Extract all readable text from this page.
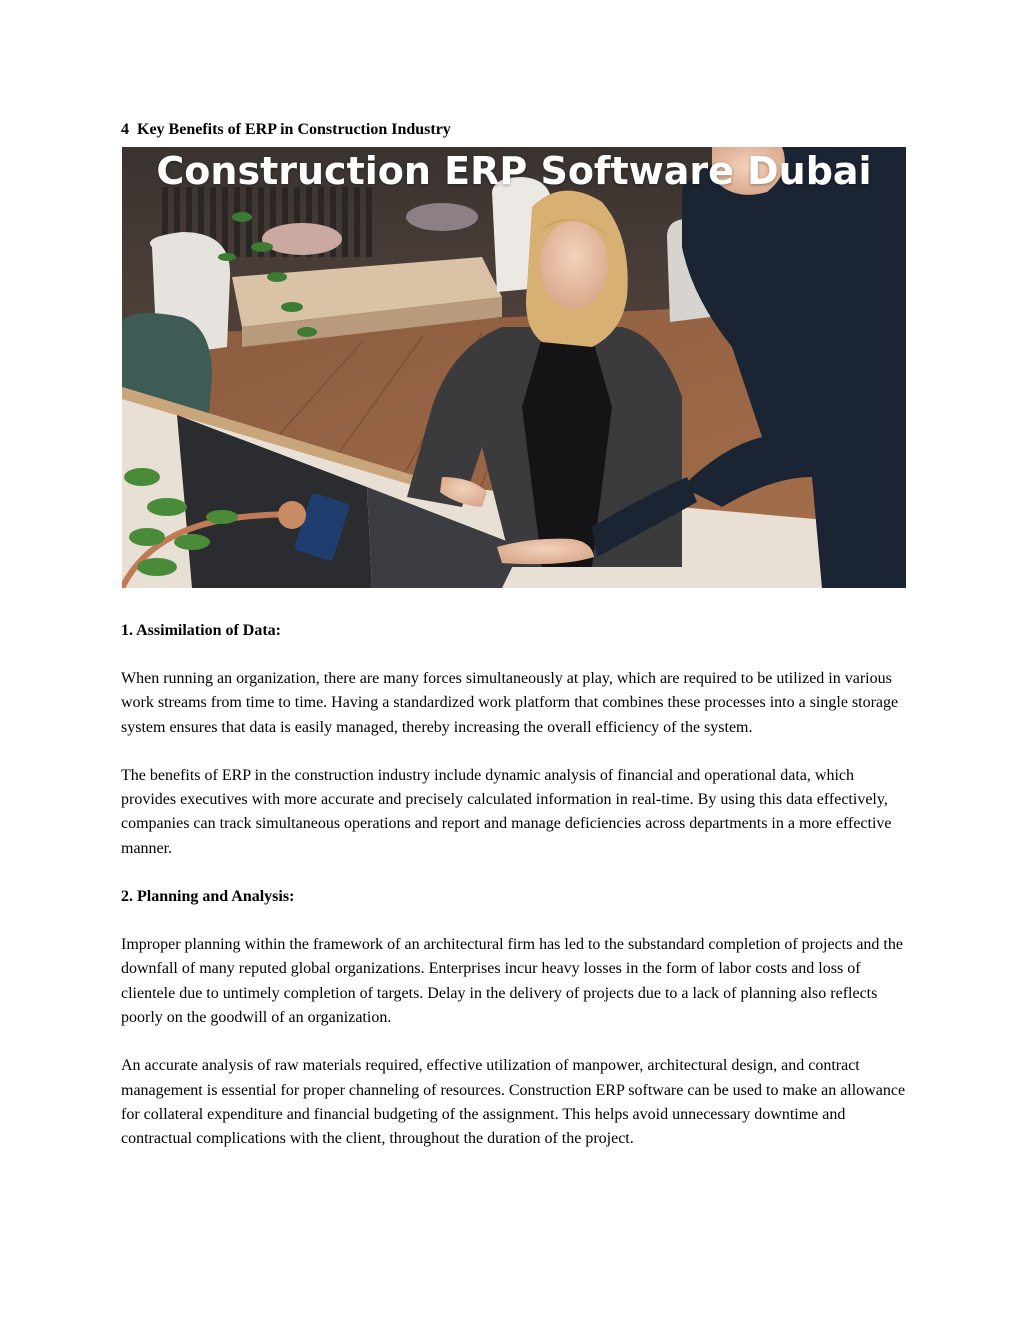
4  Key Benefits of ERP in Construction Industry
Construction ERP Software Dubai
1. Assimilation of Data:

When running an organization, there are many forces simultaneously at play, which are required to be utilized in various work streams from time to time. Having a standardized work platform that combines these processes into a single storage system ensures that data is easily managed, thereby increasing the overall efficiency of the system.

The benefits of ERP in the construction industry include dynamic analysis of financial and operational data, which provides executives with more accurate and precisely calculated information in real-time. By using this data effectively, companies can track simultaneous operations and report and manage deficiencies across departments in a more effective manner.

2. Planning and Analysis:

Improper planning within the framework of an architectural firm has led to the substandard completion of projects and the downfall of many reputed global organizations. Enterprises incur heavy losses in the form of labor costs and loss of clientele due to untimely completion of targets. Delay in the delivery of projects due to a lack of planning also reflects poorly on the goodwill of an organization.

An accurate analysis of raw materials required, effective utilization of manpower, architectural design, and contract management is essential for proper channeling of resources. Construction ERP software can be used to make an allowance for collateral expenditure and financial budgeting of the assignment. This helps avoid unnecessary downtime and contractual complications with the client, throughout the duration of the project.
